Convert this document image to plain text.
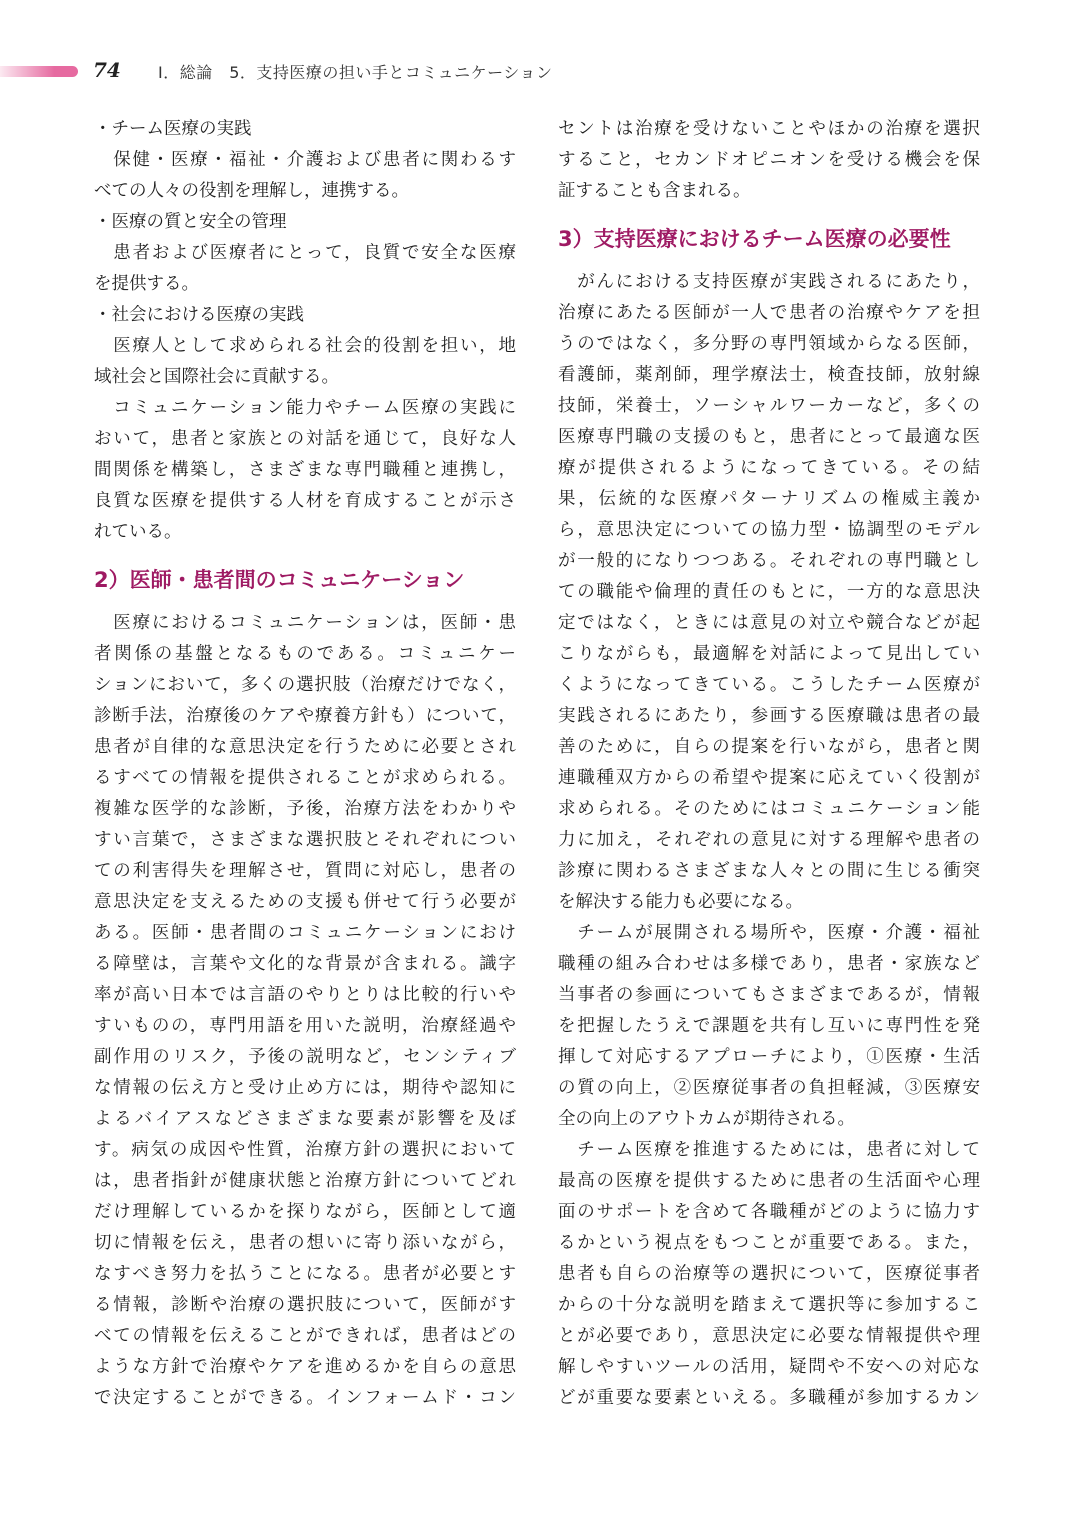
74 Ⅰ．総論　5．支持医療の担い手とコミュニケーション
・チーム医療の実践
　保健・医療・福祉・介護および患者に関わるす
べての人々の役割を理解し，連携する。
・医療の質と安全の管理
　患者および医療者にとって，良質で安全な医療
を提供する。
・社会における医療の実践
　医療人として求められる社会的役割を担い，地
域社会と国際社会に貢献する。
　コミュニケーション能力やチーム医療の実践に
おいて，患者と家族との対話を通じて，良好な人
間関係を構築し，さまざまな専門職種と連携し，
良質な医療を提供する人材を育成することが示さ
れている。
2）医師・患者間のコミュニケーション
　医療におけるコミュニケーションは，医師・患
者関係の基盤となるものである。コミュニケー
ションにおいて，多くの選択肢（治療だけでなく，
診断手法，治療後のケアや療養方針も）について，
患者が自律的な意思決定を行うために必要とされ
るすべての情報を提供されることが求められる。
複雑な医学的な診断，予後，治療方法をわかりや
すい言葉で，さまざまな選択肢とそれぞれについ
ての利害得失を理解させ，質問に対応し，患者の
意思決定を支えるための支援も併せて行う必要が
ある。医師・患者間のコミュニケーションにおけ
る障壁は，言葉や文化的な背景が含まれる。識字
率が高い日本では言語のやりとりは比較的行いや
すいものの，専門用語を用いた説明，治療経過や
副作用のリスク，予後の説明など，センシティブ
な情報の伝え方と受け止め方には，期待や認知に
よるバイアスなどさまざまな要素が影響を及ぼ
す。病気の成因や性質，治療方針の選択において
は，患者指針が健康状態と治療方針についてどれ
だけ理解しているかを探りながら，医師として適
切に情報を伝え，患者の想いに寄り添いながら，
なすべき努力を払うことになる。患者が必要とす
る情報，診断や治療の選択肢について，医師がす
べての情報を伝えることができれば，患者はどの
ような方針で治療やケアを進めるかを自らの意思
で決定することができる。インフォームド・コン
セントは治療を受けないことやほかの治療を選択
すること，セカンドオピニオンを受ける機会を保
証することも含まれる。
3）支持医療におけるチーム医療の必要性
　がんにおける支持医療が実践されるにあたり，
治療にあたる医師が一人で患者の治療やケアを担
うのではなく，多分野の専門領域からなる医師，
看護師，薬剤師，理学療法士，検査技師，放射線
技師，栄養士，ソーシャルワーカーなど，多くの
医療専門職の支援のもと，患者にとって最適な医
療が提供されるようになってきている。その結
果，伝統的な医療パターナリズムの権威主義か
ら，意思決定についての協力型・協調型のモデル
が一般的になりつつある。それぞれの専門職とし
ての職能や倫理的責任のもとに，一方的な意思決
定ではなく，ときには意見の対立や競合などが起
こりながらも，最適解を対話によって見出してい
くようになってきている。こうしたチーム医療が
実践されるにあたり，参画する医療職は患者の最
善のために，自らの提案を行いながら，患者と関
連職種双方からの希望や提案に応えていく役割が
求められる。そのためにはコミュニケーション能
力に加え，それぞれの意見に対する理解や患者の
診療に関わるさまざまな人々との間に生じる衝突
を解決する能力も必要になる。
　チームが展開される場所や，医療・介護・福祉
職種の組み合わせは多様であり，患者・家族など
当事者の参画についてもさまざまであるが，情報
を把握したうえで課題を共有し互いに専門性を発
揮して対応するアプローチにより，①医療・生活
の質の向上，②医療従事者の負担軽減，③医療安
全の向上のアウトカムが期待される。
　チーム医療を推進するためには，患者に対して
最高の医療を提供するために患者の生活面や心理
面のサポートを含めて各職種がどのように協力す
るかという視点をもつことが重要である。また，
患者も自らの治療等の選択について，医療従事者
からの十分な説明を踏まえて選択等に参加するこ
とが必要であり，意思決定に必要な情報提供や理
解しやすいツールの活用，疑問や不安への対応な
どが重要な要素といえる。多職種が参加するカン
